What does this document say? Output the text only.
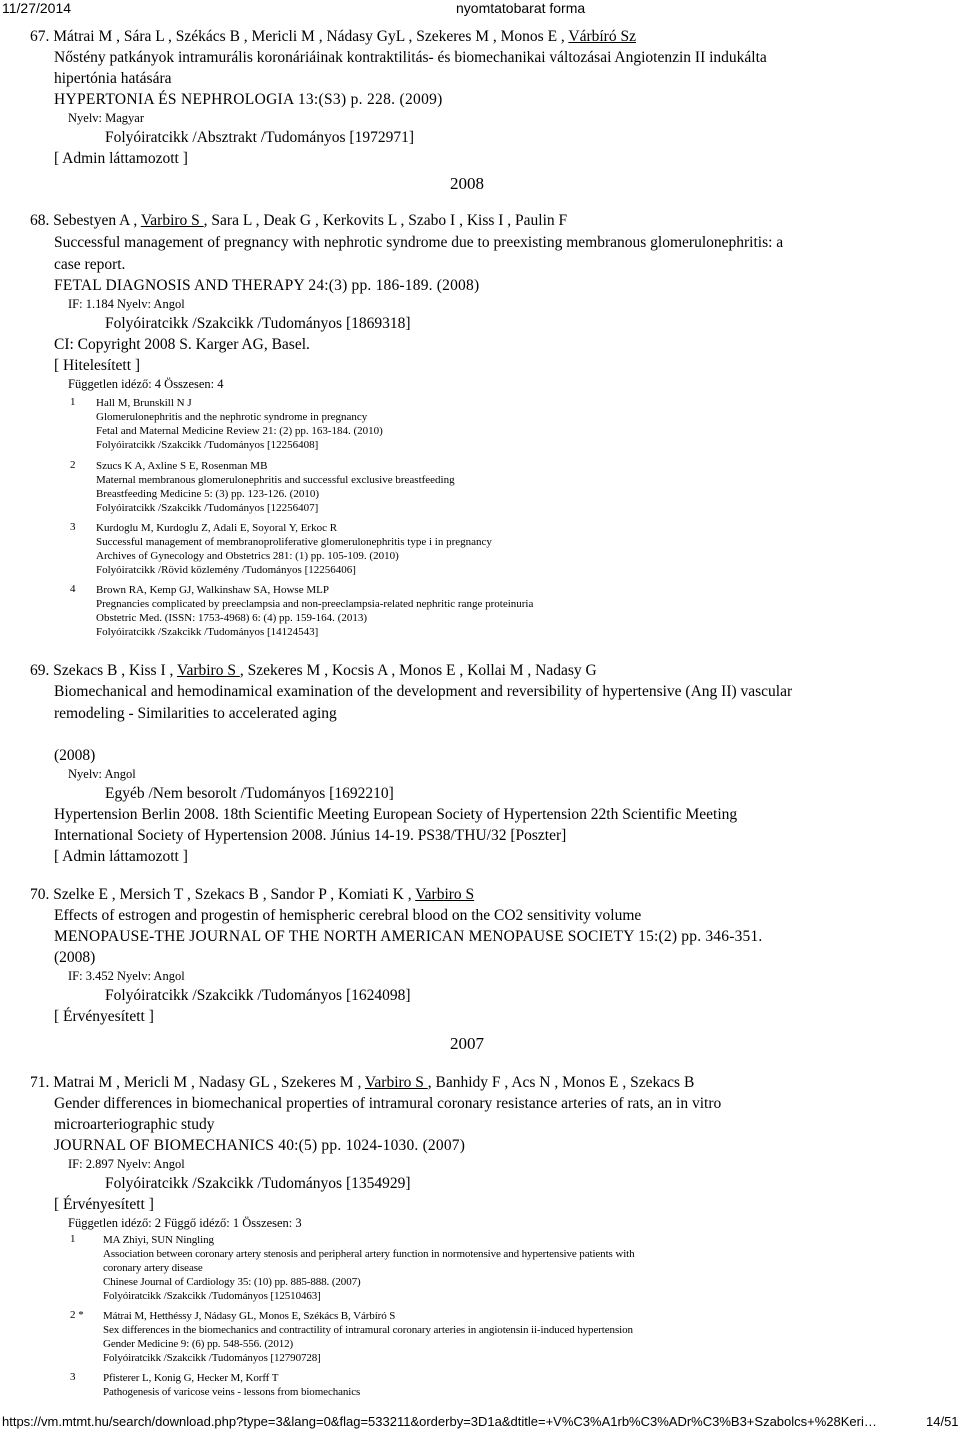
11/27/2014	nyomtatobarat forma
67. Mátrai M , Sára L , Székács B , Mericli M , Nádasy GyL , Szekeres M , Monos E , Várbíró Sz
Nőstény patkányok intramurális koronáriáinak kontraktilitás- és biomechanikai változásai Angiotenzin II indukálta
hipertónia hatására
HYPERTONIA ÉS NEPHROLOGIA 13:(S3) p. 228. (2009)
Nyelv: Magyar
Folyóiratcikk /Absztrakt /Tudományos [1972971]
[ Admin láttamozott ]
2008
68. Sebestyen A , Varbiro S , Sara L , Deak G , Kerkovits L , Szabo I , Kiss I , Paulin F
Successful management of pregnancy with nephrotic syndrome due to preexisting membranous glomerulonephritis: a
case report.
FETAL DIAGNOSIS AND THERAPY 24:(3) pp. 186-189. (2008)
IF: 1.184 Nyelv: Angol
Folyóiratcikk /Szakcikk /Tudományos [1869318]
CI: Copyright 2008 S. Karger AG, Basel.
[ Hitelesített ]
Független idéző: 4 Összesen: 4
1 Hall M, Brunskill N J
Glomerulonephritis and the nephrotic syndrome in pregnancy
Fetal and Maternal Medicine Review 21: (2) pp. 163-184. (2010)
Folyóiratcikk /Szakcikk /Tudományos [12256408]
2 Szucs K A, Axline S E, Rosenman MB
Maternal membranous glomerulonephritis and successful exclusive breastfeeding
Breastfeeding Medicine 5: (3) pp. 123-126. (2010)
Folyóiratcikk /Szakcikk /Tudományos [12256407]
3 Kurdoglu M, Kurdoglu Z, Adali E, Soyoral Y, Erkoc R
Successful management of membranoproliferative glomerulonephritis type i in pregnancy
Archives of Gynecology and Obstetrics 281: (1) pp. 105-109. (2010)
Folyóiratcikk /Rövid közlemény /Tudományos [12256406]
4 Brown RA, Kemp GJ, Walkinshaw SA, Howse MLP
Pregnancies complicated by preeclampsia and non-preeclampsia-related nephritic range proteinuria
Obstetric Med. (ISSN: 1753-4968) 6: (4) pp. 159-164. (2013)
Folyóiratcikk /Szakcikk /Tudományos [14124543]
69. Szekacs B , Kiss I , Varbiro S , Szekeres M , Kocsis A , Monos E , Kollai M , Nadasy G
Biomechanical and hemodinamical examination of the development and reversibility of hypertensive (Ang II) vascular
remodeling - Similarities to accelerated aging
(2008)
Nyelv: Angol
Egyéb /Nem besorolt /Tudományos [1692210]
Hypertension Berlin 2008. 18th Scientific Meeting European Society of Hypertension 22th Scientific Meeting
International Society of Hypertension 2008. Június 14-19. PS38/THU/32 [Poszter]
[ Admin láttamozott ]
70. Szelke E , Mersich T , Szekacs B , Sandor P , Komiati K , Varbiro S
Effects of estrogen and progestin of hemispheric cerebral blood on the CO2 sensitivity volume
MENOPAUSE-THE JOURNAL OF THE NORTH AMERICAN MENOPAUSE SOCIETY 15:(2) pp. 346-351.
(2008)
IF: 3.452 Nyelv: Angol
Folyóiratcikk /Szakcikk /Tudományos [1624098]
[ Érvényesített ]
2007
71. Matrai M , Mericli M , Nadasy GL , Szekeres M , Varbiro S , Banhidy F , Acs N , Monos E , Szekacs B
Gender differences in biomechanical properties of intramural coronary resistance arteries of rats, an in vitro
microarteriographic study
JOURNAL OF BIOMECHANICS 40:(5) pp. 1024-1030. (2007)
IF: 2.897 Nyelv: Angol
Folyóiratcikk /Szakcikk /Tudományos [1354929]
[ Érvényesített ]
Független idéző: 2 Függő idéző: 1 Összesen: 3
1	MA Zhiyi, SUN Ningling
Association between coronary artery stenosis and peripheral artery function in normotensive and hypertensive patients with
coronary artery disease
Chinese Journal of Cardiology 35: (10) pp. 885-888. (2007)
Folyóiratcikk /Szakcikk /Tudományos [12510463]
2 * Mátrai M, Hetthéssy J, Nádasy GL, Monos E, Székács B, Várbíró S
Sex differences in the biomechanics and contractility of intramural coronary arteries in angiotensin ii-induced hypertension
Gender Medicine 9: (6) pp. 548-556. (2012)
Folyóiratcikk /Szakcikk /Tudományos [12790728]
3	Pfisterer L, Konig G, Hecker M, Korff T
Pathogenesis of varicose veins - lessons from biomechanics
https://vm.mtmt.hu/search/download.php?type=3&lang=0&flag=533211&orderby=3D1a&dtitle=+V%C3%A1rb%C3%ADr%C3%B3+Szabolcs+%28Keri…	14/51
